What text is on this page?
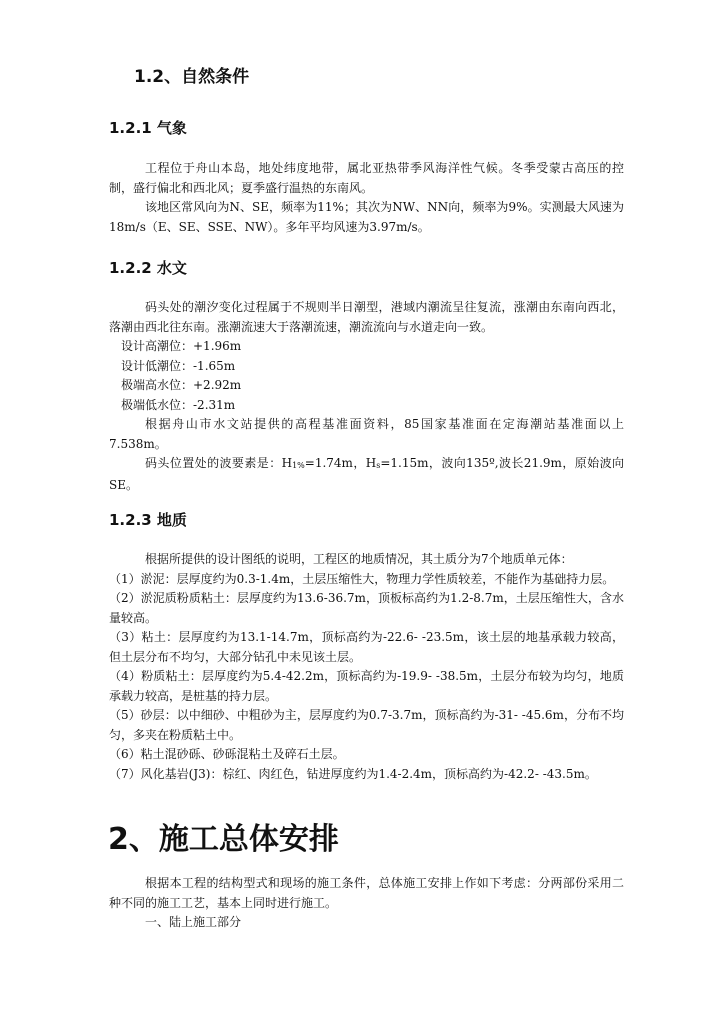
1.2、自然条件
1.2.1 气象

工程位于舟山本岛，地处纬度地带，属北亚热带季风海洋性气候。冬季受蒙古高压的控制，盛行偏北和西北风；夏季盛行温热的东南风。

该地区常风向为N、SE，频率为11%；其次为NW、NN向，频率为9%。实测最大风速为18m/s（E、SE、SSE、NW）。多年平均风速为3.97m/s。

1.2.2 水文

码头处的潮汐变化过程属于不规则半日潮型，港域内潮流呈往复流，涨潮由东南向西北，落潮由西北往东南。涨潮流速大于落潮流速，潮流流向与水道走向一致。

设计高潮位：+1.96m

设计低潮位：-1.65m

极端高水位：+2.92m

极端低水位：-2.31m

根据舟山市水文站提供的高程基准面资料，85国家基准面在定海潮站基准面以上7.538m。

码头位置处的波要素是：H1%=1.74m，Hs=1.15m，波向135º,波长21.9m，原始波向SE。

1.2.3 地质

根据所提供的设计图纸的说明，工程区的地质情况，其土质分为7个地质单元体：

（1）淤泥：层厚度约为0.3-1.4m，土层压缩性大，物理力学性质较差，不能作为基础持力层。

（2）淤泥质粉质粘土：层厚度约为13.6-36.7m，顶板标高约为1.2-8.7m，土层压缩性大，含水量较高。

（3）粘土：层厚度约为13.1-14.7m，顶标高约为-22.6- -23.5m，该土层的地基承载力较高，但土层分布不均匀，大部分钻孔中未见该土层。

（4）粉质粘土：层厚度约为5.4-42.2m，顶标高约为-19.9- -38.5m，土层分布较为均匀，地质承载力较高，是桩基的持力层。

（5）砂层：以中细砂、中粗砂为主，层厚度约为0.7-3.7m，顶标高约为-31- -45.6m，分布不均匀，多夹在粉质粘土中。

（6）粘土混砂砾、砂砾混粘土及碎石土层。

（7）风化基岩(J3)：棕红、肉红色，钻进厚度约为1.4-2.4m，顶标高约为-42.2- -43.5m。

2、施工总体安排

根据本工程的结构型式和现场的施工条件，总体施工安排上作如下考虑：分两部份采用二种不同的施工工艺，基本上同时进行施工。

一、陆上施工部分
